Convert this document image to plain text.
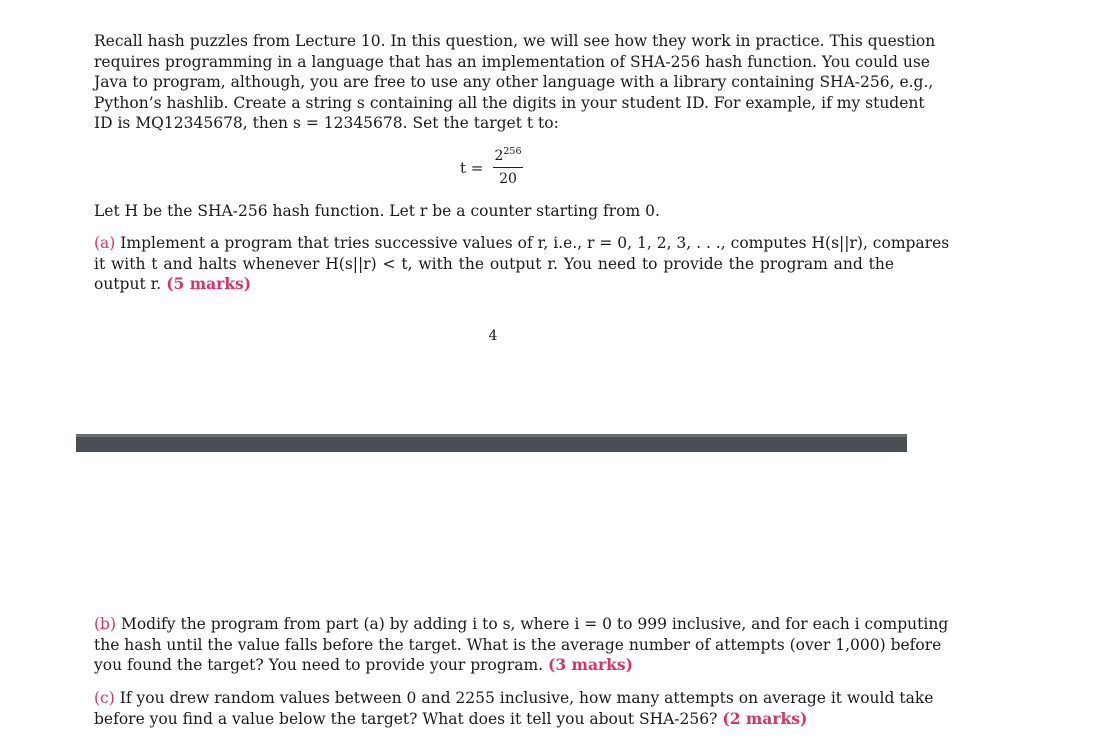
Recall hash puzzles from Lecture 10. In this question, we will see how they work in practice. This question
requires programming in a language that has an implementation of SHA-256 hash function. You could use
Java to program, although, you are free to use any other language with a library containing SHA-256, e.g.,
Python’s hashlib. Create a string s containing all the digits in your student ID. For example, if my student
ID is MQ12345678, then s = 12345678. Set the target t to:
t =
$2^{256}$
20
Let H be the SHA-256 hash function. Let r be a counter starting from 0.
(a) Implement a program that tries successive values of r, i.e., r = 0, 1, 2, 3, . . ., computes H(s||r), compares
it with t and halts whenever H(s||r) < t, with the output r. You need to provide the program and the
output r. (5 marks)
4
(b) Modify the program from part (a) by adding i to s, where i = 0 to 999 inclusive, and for each i computing
the hash until the value falls before the target. What is the average number of attempts (over 1,000) before
you found the target? You need to provide your program. (3 marks)
(c) If you drew random values between 0 and 2255 inclusive, how many attempts on average it would take
before you find a value below the target? What does it tell you about SHA-256? (2 marks)
